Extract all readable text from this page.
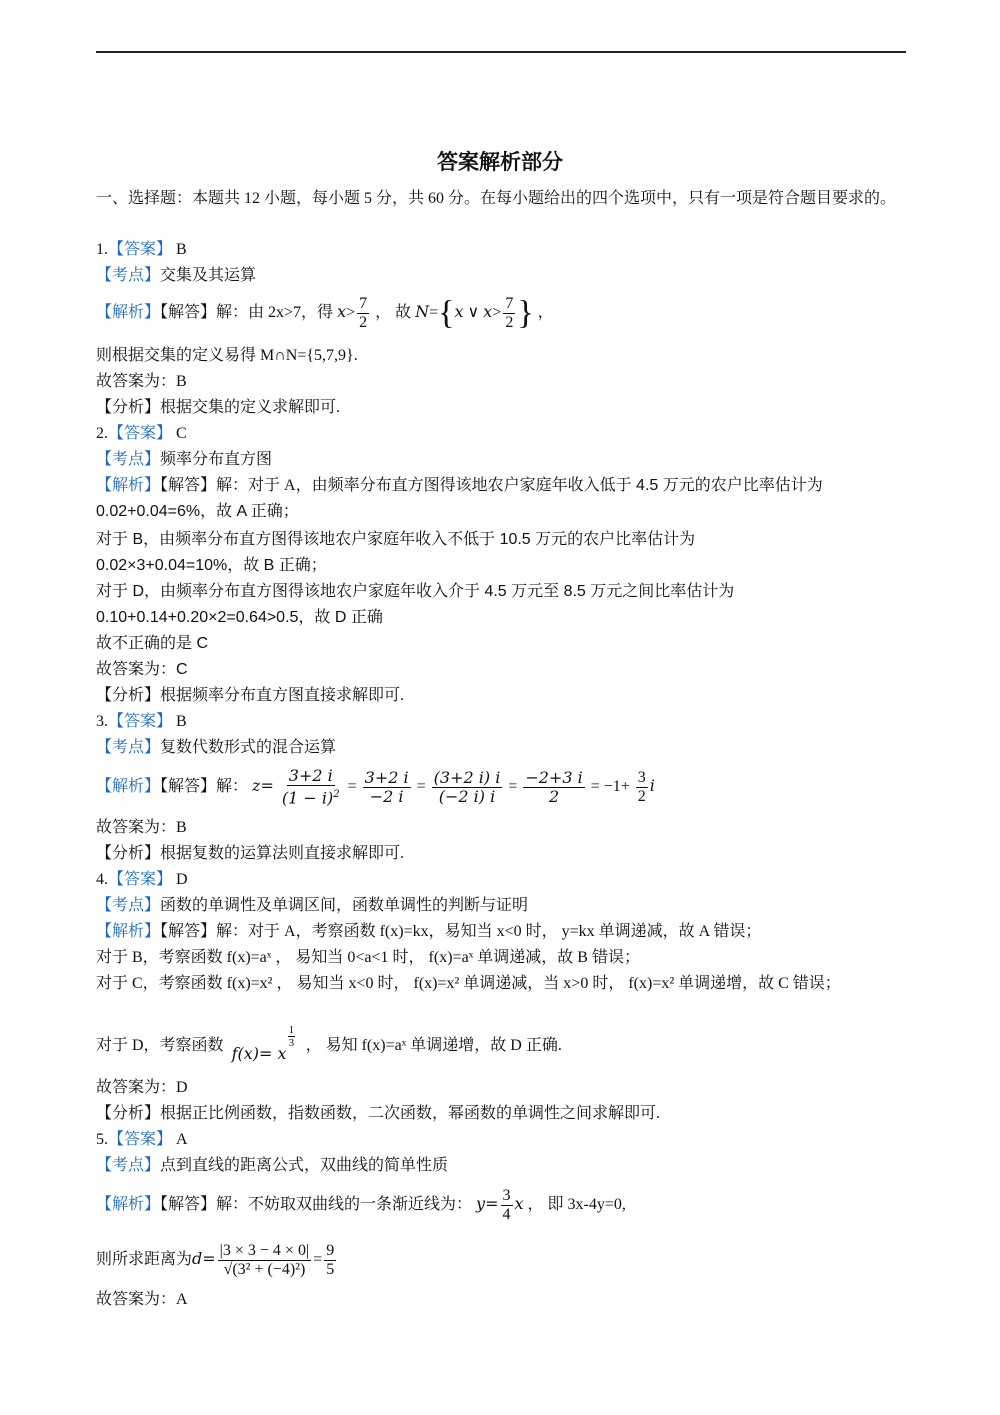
答案解析部分
一、选择题：本题共 12 小题，每小题 5 分，共 60 分。在每小题给出的四个选项中，只有一项是符合题目要求的。
1.【答案】 B
【考点】交集及其运算
【解析】【解答】解：由 2x>7，得 $x> \frac{7}{2}$ ， 故 N={x ∨ $x> \frac{7}{2}$ } ，
则根据交集的定义易得 M∩N={5,7,9}.
故答案为：B
【分析】根据交集的定义求解即可.
2.【答案】 C
【考点】频率分布直方图
【解析】【解答】解：对于 A，由频率分布直方图得该地农户家庭年收入低于 4.5 万元的农户比率估计为
0.02+0.04=6%，故 A 正确；
对于 B，由频率分布直方图得该地农户家庭年收入不低于 10.5 万元的农户比率估计为
0.02×3+0.04=10%，故 B 正确；
对于 D，由频率分布直方图得该地农户家庭年收入介于 4.5 万元至 8.5 万元之间比率估计为
0.10+0.14+0.20×2=0.64>0.5，故 D 正确
故不正确的是 C
故答案为：C
【分析】根据频率分布直方图直接求解即可.
3.【答案】 B
【考点】复数代数形式的混合运算
【解析】【解答】解： $z= \frac{3+2 i}{(1 - i)^2} = \frac{3+2 i}{-2 i} = \frac{(3+2 i) i}{(-2 i) i} = \frac{-2+3 i}{2} = -1+ \frac{3}{2}$ i
故答案为：B
【分析】根据复数的运算法则直接求解即可.
4.【答案】 D
【考点】函数的单调性及单调区间，函数单调性的判断与证明
【解析】【解答】解：对于 A，考察函数 f(x)=kx，易知当 x<0 时， y=kx 单调递减，故 A 错误；
对于 B，考察函数 f(x)=aˣ ， 易知当 0<a<1 时， f(x)=aˣ 单调递减，故 B 错误；
对于 C，考察函数 f(x)=x² ， 易知当 x<0 时， f(x)=x² 单调递减，当 x>0 时， f(x)=x² 单调递增，故 C 错误；
对于 D，考察函数 f(x)= x
$\frac{1}{3}$ ， 易知 f(x)=aˣ 单调递增，故 D 正确.
故答案为：D
【分析】根据正比例函数，指数函数，二次函数，幂函数的单调性之间求解即可.
5.【答案】 A
【考点】点到直线的距离公式，双曲线的简单性质
【解析】【解答】解：不妨取双曲线的一条渐近线为： $y= \frac{3}{4}$ x ， 即 3x-4y=0,
则所求距离为$d= \frac{|3 \times 3 - 4 \times 0|}{\text{√(3² + (−4)²)}} = \frac{9}{5}$
故答案为：A
